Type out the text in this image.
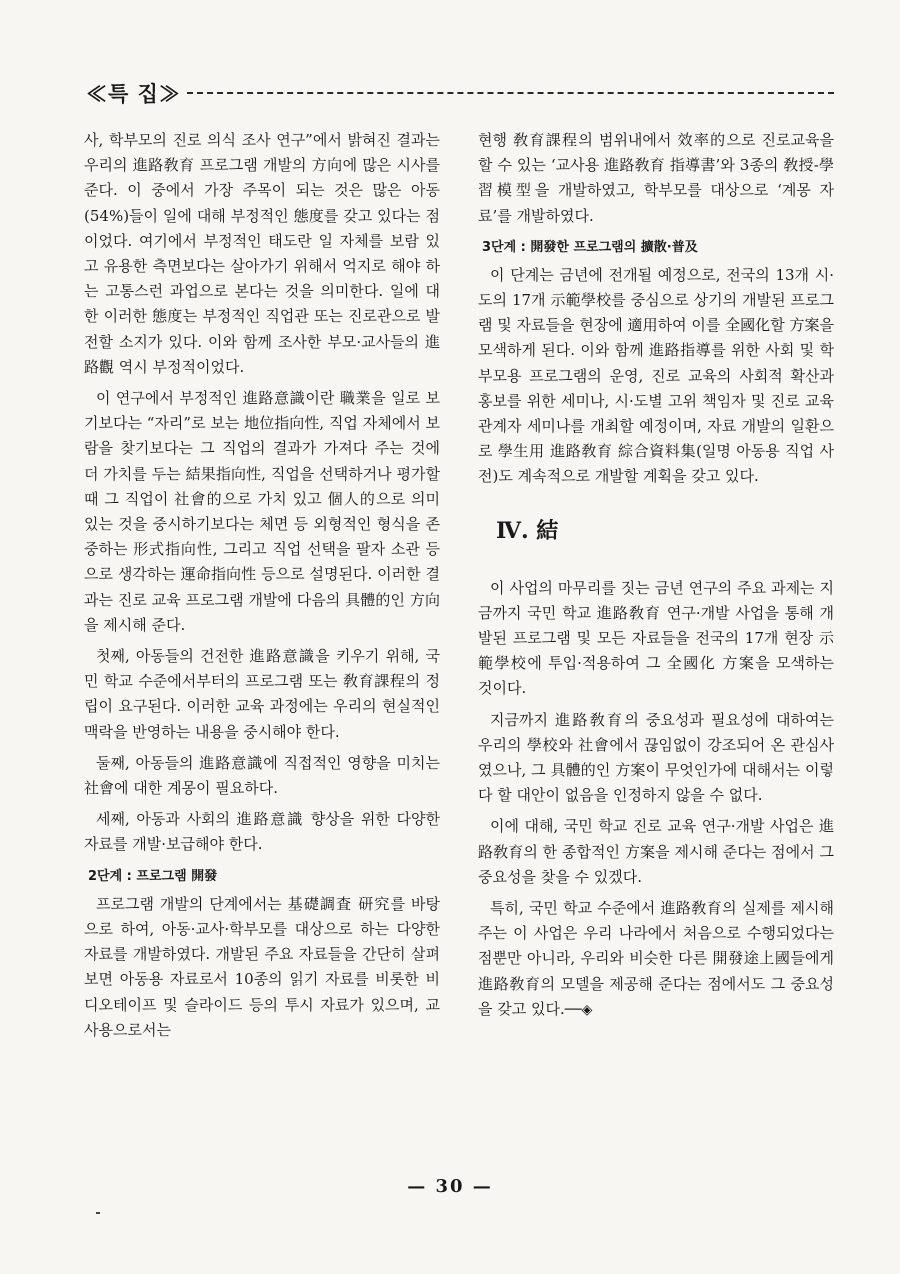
≪특 집≫

사, 학부모의 진로 의식 조사 연구”에서 밝혀진 결과는 우리의 進路敎育 프로그램 개발의 方向에 많은 시사를 준다. 이 중에서 가장 주목이 되는 것은 많은 아동(54%)들이 일에 대해 부정적인 態度를 갖고 있다는 점이었다. 여기에서 부정적인 태도란 일 자체를 보람 있고 유용한 측면보다는 살아가기 위해서 억지로 해야 하는 고통스런 과업으로 본다는 것을 의미한다. 일에 대한 이러한 態度는 부정적인 직업관 또는 진로관으로 발전할 소지가 있다. 이와 함께 조사한 부모·교사들의 進路觀 역시 부정적이었다.

이 연구에서 부정적인 進路意識이란 職業을 일로 보기보다는 “자리”로 보는 地位指向性, 직업 자체에서 보람을 찾기보다는 그 직업의 결과가 가져다 주는 것에 더 가치를 두는 結果指向性, 직업을 선택하거나 평가할 때 그 직업이 社會的으로 가치 있고 個人的으로 의미 있는 것을 중시하기보다는 체면 등 외형적인 형식을 존중하는 形式指向性, 그리고 직업 선택을 팔자 소관 등으로 생각하는 運命指向性 등으로 설명된다. 이러한 결과는 진로 교육 프로그램 개발에 다음의 具體的인 方向을 제시해 준다.

첫째, 아동들의 건전한 進路意識을 키우기 위해, 국민 학교 수준에서부터의 프로그램 또는 敎育課程의 정립이 요구된다. 이러한 교육 과정에는 우리의 현실적인 맥락을 반영하는 내용을 중시해야 한다.

둘째, 아동들의 進路意識에 직접적인 영향을 미치는 社會에 대한 계몽이 필요하다.

세째, 아동과 사회의 進路意識 향상을 위한 다양한 자료를 개발·보급해야 한다.

2단계 : 프로그램 開發

프로그램 개발의 단계에서는 基礎調査 研究를 바탕으로 하여, 아동·교사·학부모를 대상으로 하는 다양한 자료를 개발하였다. 개발된 주요 자료들을 간단히 살펴보면 아동용 자료로서 10종의 읽기 자료를 비롯한 비디오테이프 및 슬라이드 등의 투시 자료가 있으며, 교사용으로서는

현행 敎育課程의 범위내에서 效率的으로 진로교육을 할 수 있는 ‘교사용 進路敎育 指導書’와 3종의 敎授-學習模型을 개발하였고, 학부모를 대상으로 ‘계몽 자료’를 개발하였다.

3단계 : 開發한 프로그램의 擴散·普及

이 단계는 금년에 전개될 예정으로, 전국의 13개 시·도의 17개 示範學校를 중심으로 상기의 개발된 프로그램 및 자료들을 현장에 適用하여 이를 全國化할 方案을 모색하게 된다. 이와 함께 進路指導를 위한 사회 및 학부모용 프로그램의 운영, 진로 교육의 사회적 확산과 홍보를 위한 세미나, 시·도별 고위 책임자 및 진로 교육 관계자 세미나를 개최할 예정이며, 자료 개발의 일환으로 學生用 進路敎育 綜合資料集(일명 아동용 직업 사전)도 계속적으로 개발할 계획을 갖고 있다.

Ⅳ. 結

이 사업의 마무리를 짓는 금년 연구의 주요 과제는 지금까지 국민 학교 進路敎育 연구·개발 사업을 통해 개발된 프로그램 및 모든 자료들을 전국의 17개 현장 示範學校에 투입·적용하여 그 全國化 方案을 모색하는 것이다.

지금까지 進路敎育의 중요성과 필요성에 대하여는 우리의 學校와 社會에서 끊임없이 강조되어 온 관심사였으나, 그 具體的인 方案이 무엇인가에 대해서는 이렇다 할 대안이 없음을 인정하지 않을 수 없다.

이에 대해, 국민 학교 진로 교육 연구·개발 사업은 進路敎育의 한 종합적인 方案을 제시해 준다는 점에서 그 중요성을 찾을 수 있겠다.

특히, 국민 학교 수준에서 進路敎育의 실제를 제시해 주는 이 사업은 우리 나라에서 처음으로 수행되었다는 점뿐만 아니라, 우리와 비슷한 다른 開發途上國들에게 進路敎育의 모델을 제공해 준다는 점에서도 그 중요성을 갖고 있다.──◈

— 30 —
